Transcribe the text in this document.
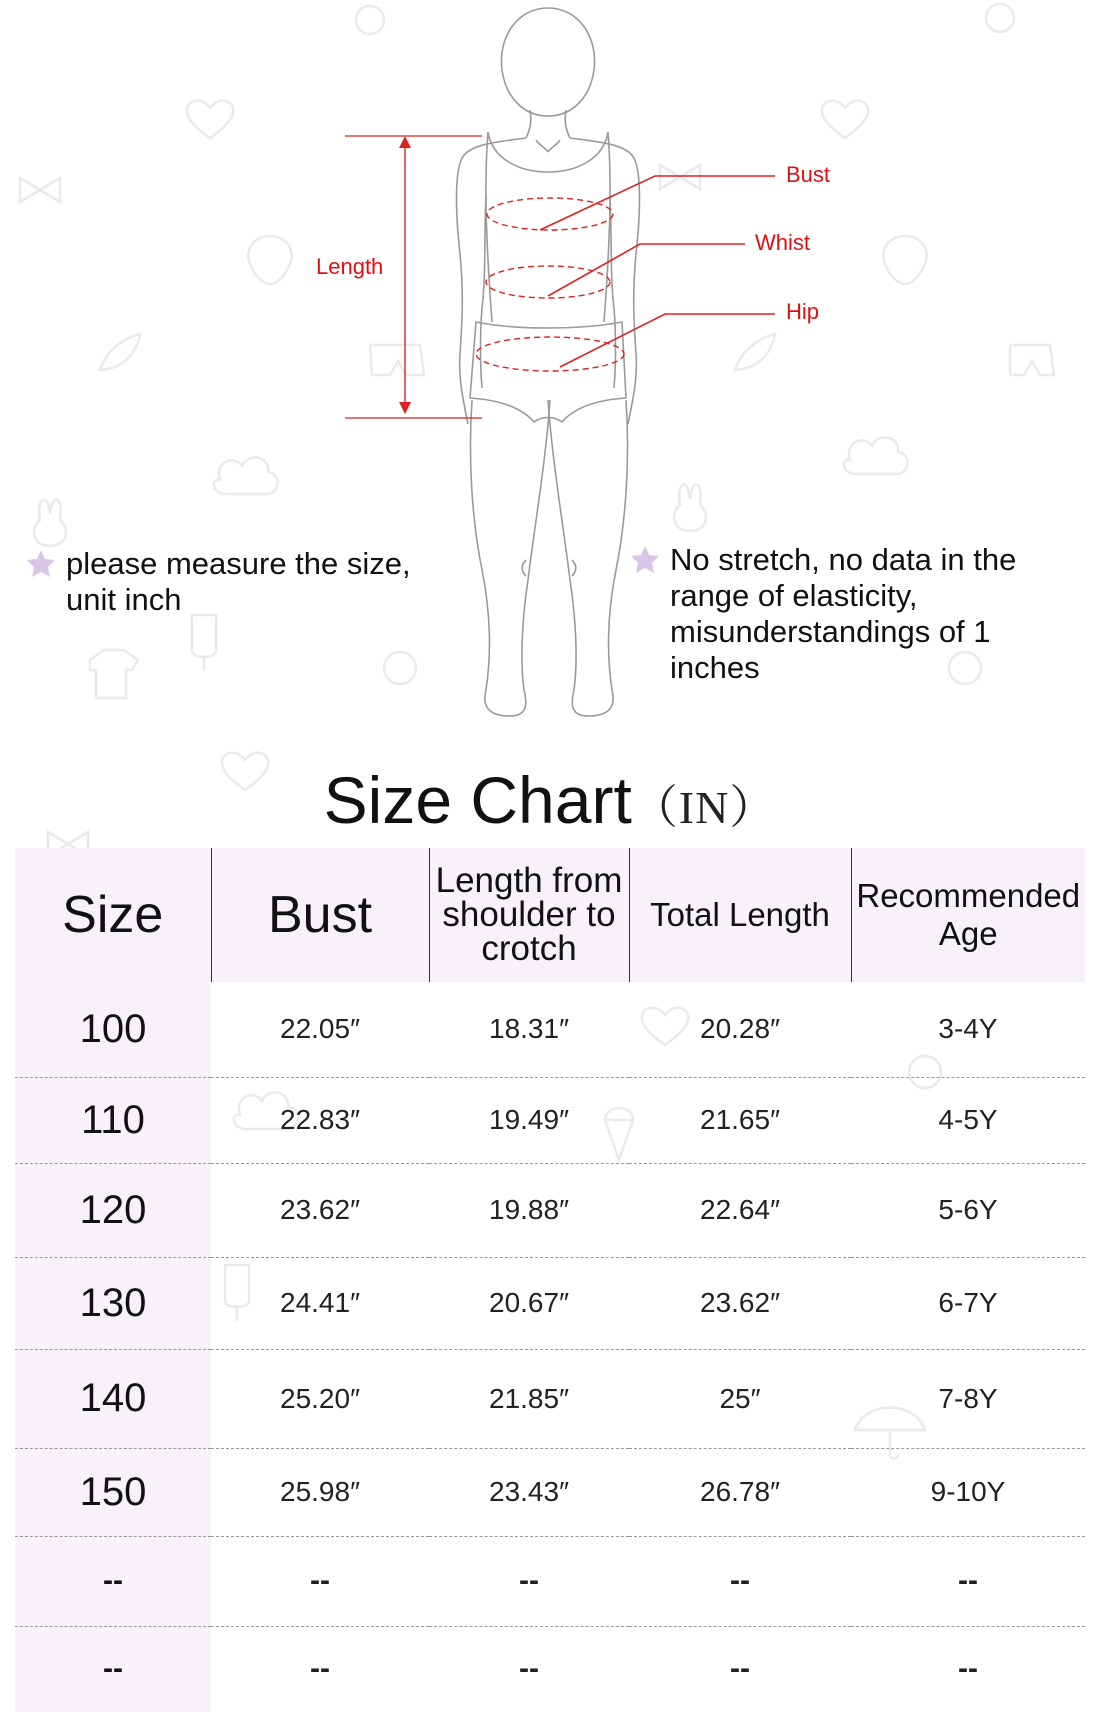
Length
Bust
Whist
Hip
please measure the size, unit inch
No stretch, no data in the range of elasticity, misunderstandings of 1 inches
Size Chart（IN）
Size	Bust	Length from shoulder to crotch	Total Length	Recommended Age
100	22.05″	18.31″	20.28″	3-4Y
110	22.83″	19.49″	21.65″	4-5Y
120	23.62″	19.88″	22.64″	5-6Y
130	24.41″	20.67″	23.62″	6-7Y
140	25.20″	21.85″	25″	7-8Y
150	25.98″	23.43″	26.78″	9-10Y
--	--	--	--	--
--	--	--	--	--
